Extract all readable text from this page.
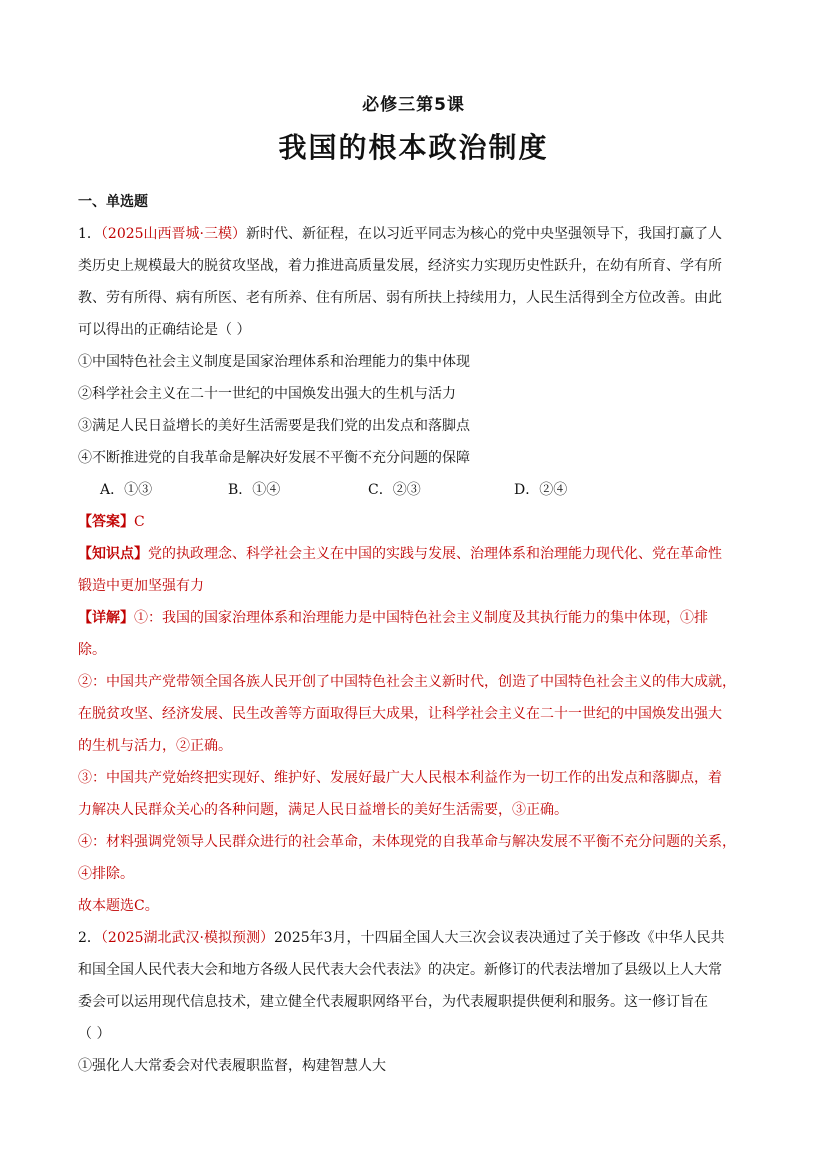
必修三第5课
我国的根本政治制度
一、单选题
1．（2025山西晋城·三模）新时代、新征程，在以习近平同志为核心的党中央坚强领导下，我国打赢了人
类历史上规模最大的脱贫攻坚战，着力推进高质量发展，经济实力实现历史性跃升，在幼有所育、学有所
教、劳有所得、病有所医、老有所养、住有所居、弱有所扶上持续用力，人民生活得到全方位改善。由此
可以得出的正确结论是（ ）
①中国特色社会主义制度是国家治理体系和治理能力的集中体现
②科学社会主义在二十一世纪的中国焕发出强大的生机与活力
③满足人民日益增长的美好生活需要是我们党的出发点和落脚点
④不断推进党的自我革命是解决好发展不平衡不充分问题的保障
A．①③	B．①④	C．②③	D．②④
【答案】C
【知识点】党的执政理念、科学社会主义在中国的实践与发展、治理体系和治理能力现代化、党在革命性
锻造中更加坚强有力
【详解】①：我国的国家治理体系和治理能力是中国特色社会主义制度及其执行能力的集中体现，①排
除。
②：中国共产党带领全国各族人民开创了中国特色社会主义新时代，创造了中国特色社会主义的伟大成就，
在脱贫攻坚、经济发展、民生改善等方面取得巨大成果，让科学社会主义在二十一世纪的中国焕发出强大
的生机与活力，②正确。
③：中国共产党始终把实现好、维护好、发展好最广大人民根本利益作为一切工作的出发点和落脚点，着
力解决人民群众关心的各种问题，满足人民日益增长的美好生活需要，③正确。
④：材料强调党领导人民群众进行的社会革命，未体现党的自我革命与解决发展不平衡不充分问题的关系，
④排除。
故本题选C。
2．（2025湖北武汉·模拟预测）2025年3月，十四届全国人大三次会议表决通过了关于修改《中华人民共
和国全国人民代表大会和地方各级人民代表大会代表法》的决定。新修订的代表法增加了县级以上人大常
委会可以运用现代信息技术，建立健全代表履职网络平台，为代表履职提供便利和服务。这一修订旨在
（ ）
①强化人大常委会对代表履职监督，构建智慧人大
